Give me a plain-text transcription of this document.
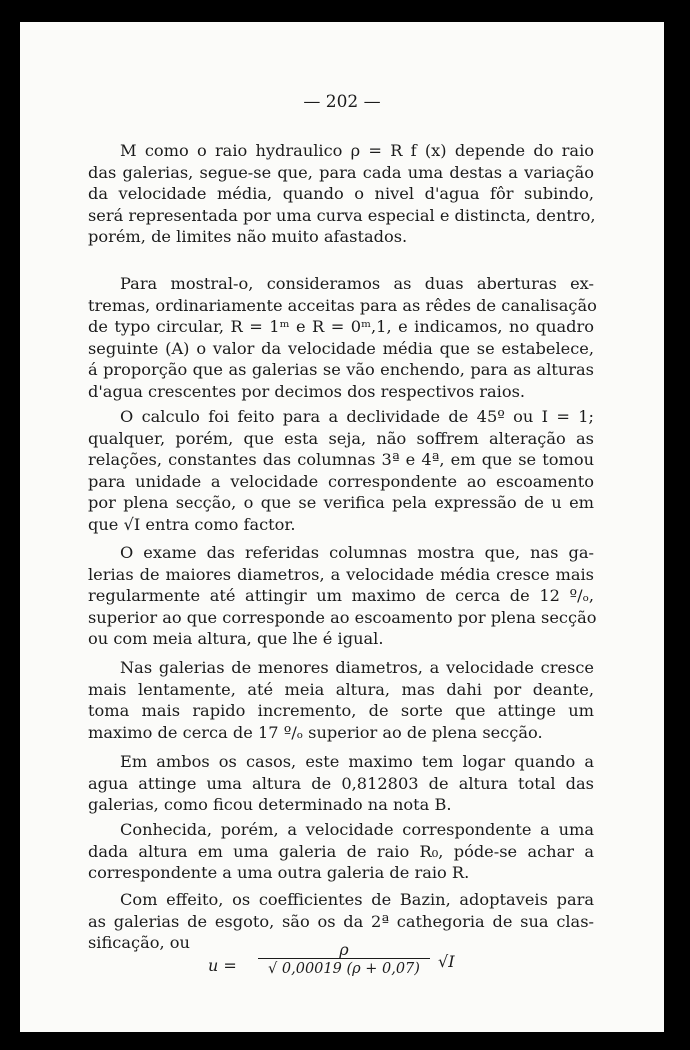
— 202 —
M como o raio hydraulico ρ = R f (x) depende do raio
das galerias, segue-se que, para cada uma destas a variação
da velocidade média, quando o nivel d'agua fôr subindo,
será representada por uma curva especial e distincta, dentro,
porém, de limites não muito afastados.
Para mostral-o, consideramos as duas aberturas ex-
tremas, ordinariamente acceitas para as rêdes de canalisação
de typo circular, R = 1ᵐ e R = 0ᵐ,1, e indicamos, no quadro
seguinte (A) o valor da velocidade média que se estabelece,
á proporção que as galerias se vão enchendo, para as alturas
d'agua crescentes por decimos dos respectivos raios.
O calculo foi feito para a declividade de 45º ou I = 1;
qualquer, porém, que esta seja, não soffrem alteração as
relações, constantes das columnas 3ª e 4ª, em que se tomou
para unidade a velocidade correspondente ao escoamento
por plena secção, o que se verifica pela expressão de u em
que √I entra como factor.
O exame das referidas columnas mostra que, nas ga-
lerias de maiores diametros, a velocidade média cresce mais
regularmente até attingir um maximo de cerca de 12 º/ₒ,
superior ao que corresponde ao escoamento por plena secção
ou com meia altura, que lhe é igual.
Nas galerias de menores diametros, a velocidade cresce
mais lentamente, até meia altura, mas dahi por deante,
toma mais rapido incremento, de sorte que attinge um
maximo de cerca de 17 º/ₒ superior ao de plena secção.
Em ambos os casos, este maximo tem logar quando a
agua attinge uma altura de 0,812803 de altura total das
galerias, como ficou determinado na nota B.
Conhecida, porém, a velocidade correspondente a uma
dada altura em uma galeria de raio R₀, póde-se achar a
correspondente a uma outra galeria de raio R.
Com effeito, os coefficientes de Bazin, adoptaveis para
as galerias de esgoto, são os da 2ª cathegoria de sua clas-
sificação, ou
u =
ρ
√ 0,00019 (ρ + 0,07)	√I
